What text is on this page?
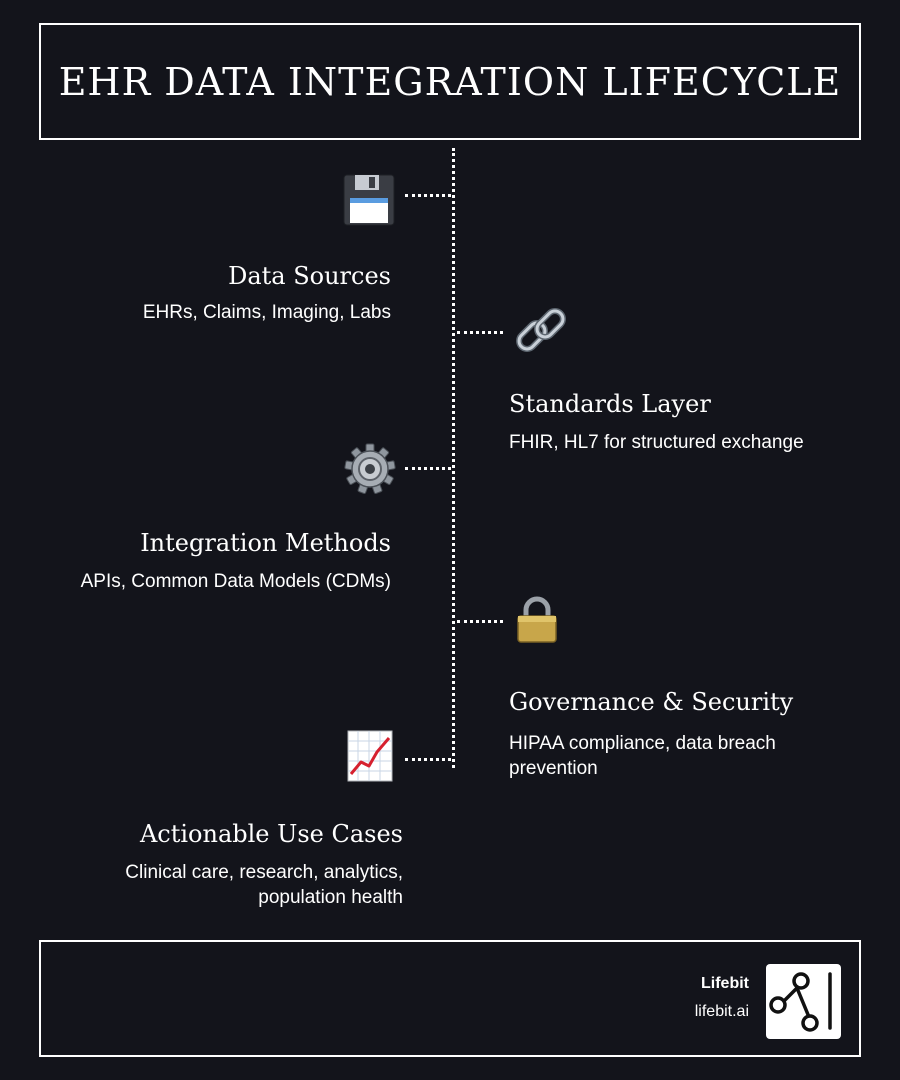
EHR DATA INTEGRATION LIFECYCLE
Data Sources
EHRs, Claims, Imaging, Labs
Standards Layer
FHIR, HL7 for structured exchange
Integration Methods
APIs, Common Data Models (CDMs)
Governance & Security
HIPAA compliance, data breach prevention
Actionable Use Cases
Clinical care, research, analytics, population health
Lifebit
lifebit.ai
